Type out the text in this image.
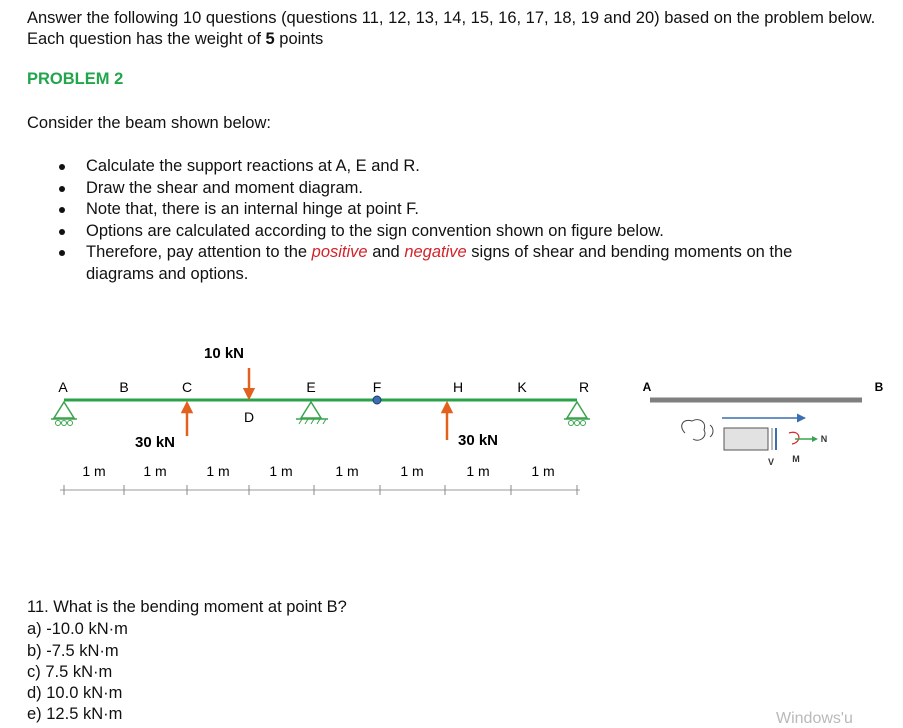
Answer the following 10 questions (questions 11, 12, 13, 14, 15, 16, 17, 18, 19 and 20) based on the problem below. Each question has the weight of 5 points
PROBLEM 2
Consider the beam shown below:
Calculate the support reactions at A, E and R.
Draw the shear and moment diagram.
Note that, there is an internal hinge at point F.
Options are calculated according to the sign convention shown on figure below.
Therefore, pay attention to the positive and negative signs of shear and bending moments on the diagrams and options.
A	B	C
D
E	F	H	K	R
10 kN
30 kN	30 kN
1 m	1 m	1 m	1 m	1 m	1 m	1 m	1 m
A	B
V M
N
11. What is the bending moment at point B?
a) -10.0 kN·m
b) -7.5 kN·m
c) 7.5 kN·m
d) 10.0 kN·m
e) 12.5 kN·m	Windows'u
